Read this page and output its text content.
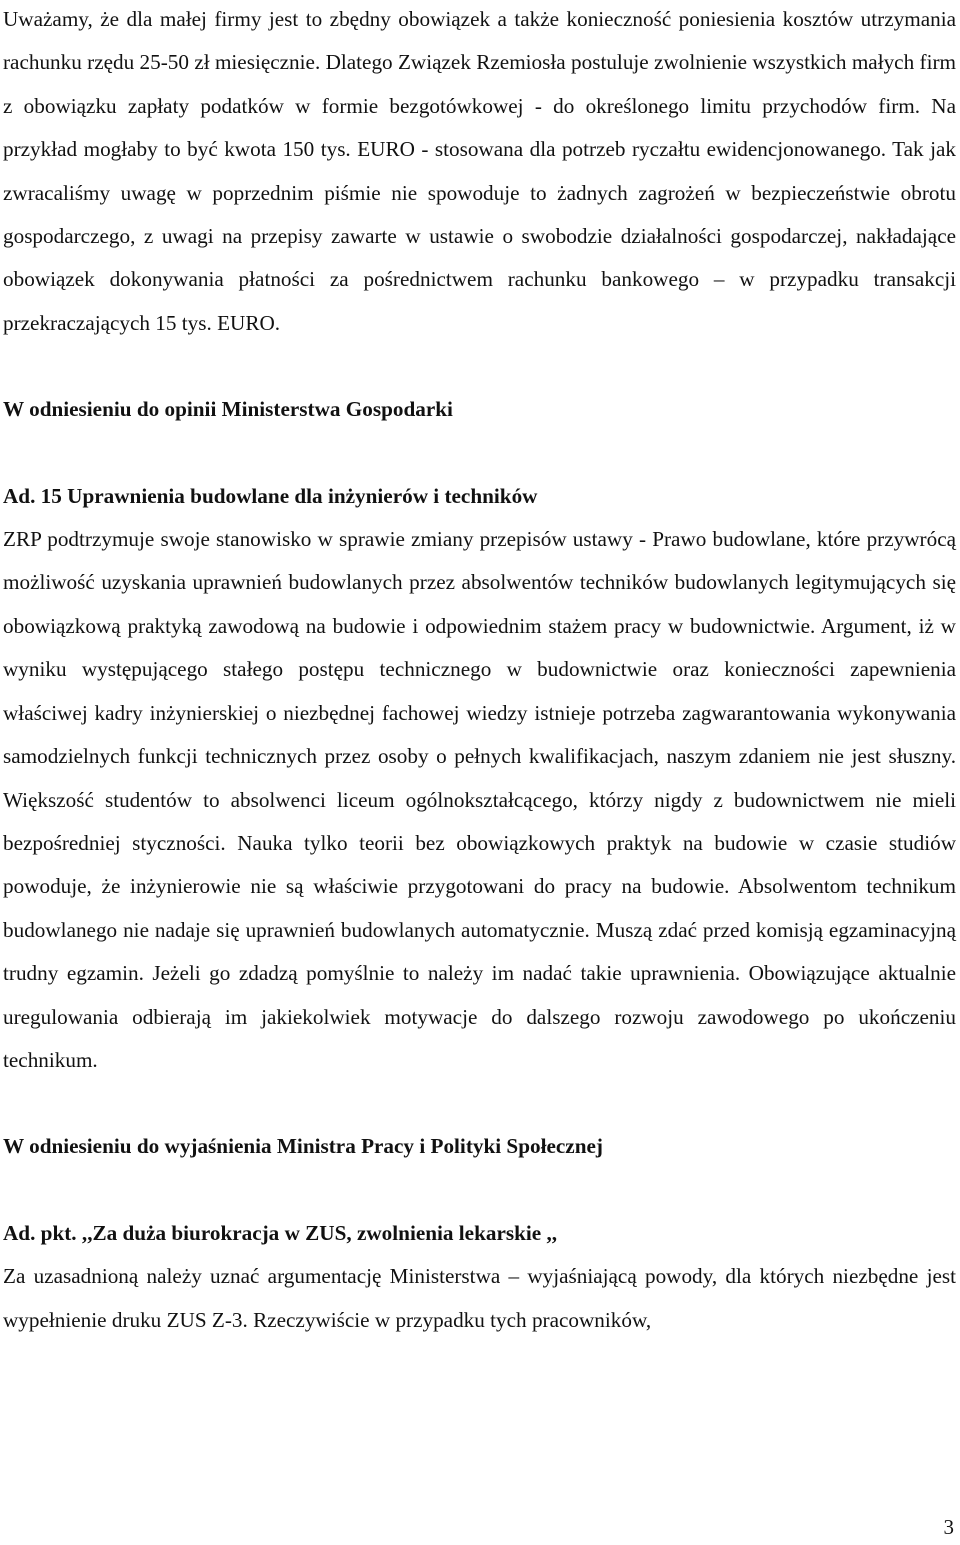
Uważamy, że dla małej firmy jest to zbędny obowiązek a także konieczność poniesienia kosztów utrzymania rachunku rzędu 25-50 zł miesięcznie. Dlatego Związek Rzemiosła postuluje zwolnienie wszystkich małych firm z obowiązku zapłaty podatków w formie bezgotówkowej - do określonego limitu przychodów firm. Na przykład mogłaby to być kwota 150 tys. EURO - stosowana dla potrzeb ryczałtu ewidencjonowanego. Tak jak zwracaliśmy uwagę w poprzednim piśmie nie spowoduje to żadnych zagrożeń w bezpieczeństwie obrotu gospodarczego, z uwagi na przepisy zawarte w ustawie o swobodzie działalności gospodarczej, nakładające obowiązek dokonywania płatności za pośrednictwem rachunku bankowego – w przypadku transakcji przekraczających 15 tys. EURO.

W odniesieniu do opinii Ministerstwa Gospodarki

Ad. 15 Uprawnienia budowlane dla inżynierów i techników

ZRP podtrzymuje swoje stanowisko w sprawie zmiany przepisów ustawy - Prawo budowlane, które przywrócą możliwość uzyskania uprawnień budowlanych przez absolwentów techników budowlanych legitymujących się obowiązkową praktyką zawodową na budowie i odpowiednim stażem pracy w budownictwie. Argument, iż w wyniku występującego stałego postępu technicznego w budownictwie oraz konieczności zapewnienia właściwej kadry inżynierskiej o niezbędnej fachowej wiedzy istnieje potrzeba zagwarantowania wykonywania samodzielnych funkcji technicznych przez osoby o pełnych kwalifikacjach, naszym zdaniem nie jest słuszny. Większość studentów to absolwenci liceum ogólnokształcącego, którzy nigdy z budownictwem nie mieli bezpośredniej styczności. Nauka tylko teorii bez obowiązkowych praktyk na budowie w czasie studiów powoduje, że inżynierowie nie są właściwie przygotowani do pracy na budowie. Absolwentom technikum budowlanego nie nadaje się uprawnień budowlanych automatycznie. Muszą zdać przed komisją egzaminacyjną trudny egzamin. Jeżeli go zdadzą pomyślnie to należy im nadać takie uprawnienia. Obowiązujące aktualnie uregulowania odbierają im jakiekolwiek motywacje do dalszego rozwoju zawodowego po ukończeniu technikum.

W odniesieniu do wyjaśnienia Ministra Pracy i Polityki Społecznej

Ad. pkt. ,,Za duża biurokracja w ZUS, zwolnienia lekarskie ,,

Za uzasadnioną należy uznać argumentację Ministerstwa – wyjaśniającą powody, dla których niezbędne jest wypełnienie druku ZUS Z-3. Rzeczywiście w przypadku tych pracowników,

3
